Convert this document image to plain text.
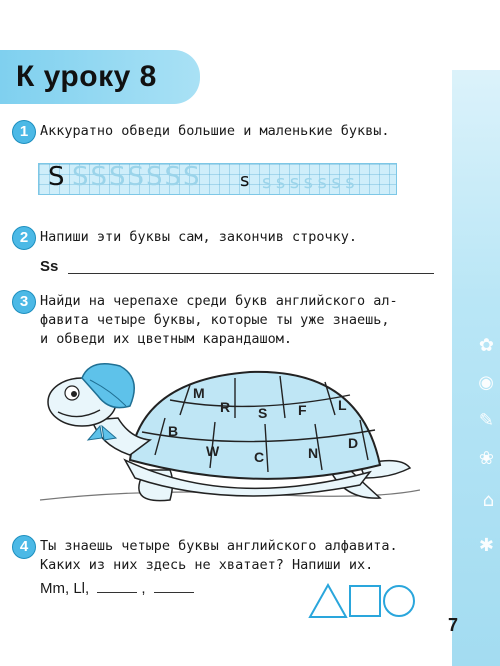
✿
◉
✎
❀
⌂
✱
К уроку 8
1 Аккуратно обведи большие и маленькие буквы.
S SSSSSSS s sssssss
2 Напиши эти буквы сам, закончив строчку.
Ss
3 Найди на черепахе среди букв английского ал-
фавита четыре буквы, которые ты уже знаешь,
и обведи их цветным карандашом.
M
R S F L
B
W C	N
D
4 Ты знаешь четыре буквы английского алфавита.
Каких из них здесь не хватает? Напиши их.
Mm, Ll,	,
7
